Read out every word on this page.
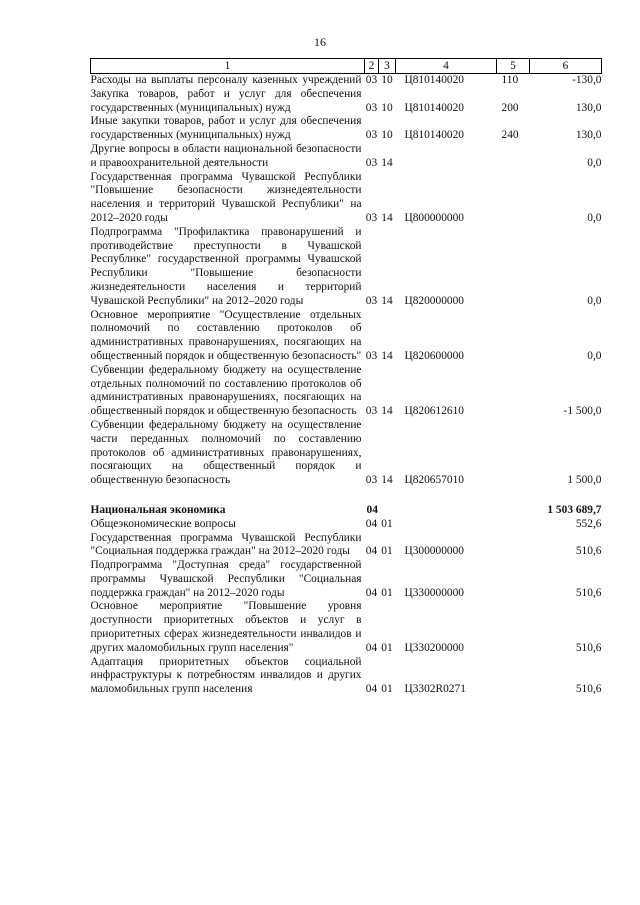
16
1	2	3	4	5	6
Расходы на выплаты персоналу казенных учреждений	03	10	Ц810140020	110	-130,0
Закупка товаров, работ и услуг для обеспечения государственных (муниципальных) нужд	03	10	Ц810140020	200	130,0
Иные закупки товаров, работ и услуг для обеспечения государственных (муниципальных) нужд	03	10	Ц810140020	240	130,0
Другие вопросы в области национальной безопасности и правоохранительной деятельности	03	14			0,0
Государственная программа Чувашской Республики "Повышение безопасности жизнедеятельности населения и территорий Чувашской Республики" на 2012–2020 годы	03	14	Ц800000000		0,0
Подпрограмма "Профилактика правонарушений и противодействие преступности в Чувашской Республике" государственной программы Чувашской Республики "Повышение безопасности жизнедеятельности населения и территорий Чувашской Республики" на 2012–2020 годы	03	14	Ц820000000		0,0
Основное мероприятие "Осуществление отдельных полномочий по составлению протоколов об административных правонарушениях, посягающих на общественный порядок и общественную безопасность"	03	14	Ц820600000		0,0
Субвенции федеральному бюджету на осуществление отдельных полномочий по составлению протоколов об административных правонарушениях, посягающих на общественный порядок и общественную безопасность	03	14	Ц820612610		-1 500,0
Субвенции федеральному бюджету на осуществление части переданных полномочий по составлению протоколов об административных правонарушениях, посягающих на общественный порядок и общественную безопасность	03	14	Ц820657010		1 500,0

Национальная экономика	04				1 503 689,7
Общеэкономические вопросы	04	01			552,6
Государственная программа Чувашской Республики "Социальная поддержка граждан" на 2012–2020 годы	04	01	Ц300000000		510,6
Подпрограмма "Доступная среда" государственной программы Чувашской Республики "Социальная поддержка граждан" на 2012–2020 годы	04	01	Ц330000000		510,6
Основное мероприятие "Повышение уровня доступности приоритетных объектов и услуг в приоритетных сферах жизнедеятельности инвалидов и других маломобильных групп населения"	04	01	Ц330200000		510,6
Адаптация приоритетных объектов социальной инфраструктуры к потребностям инвалидов и других маломобильных групп населения	04	01	Ц3302R0271		510,6
